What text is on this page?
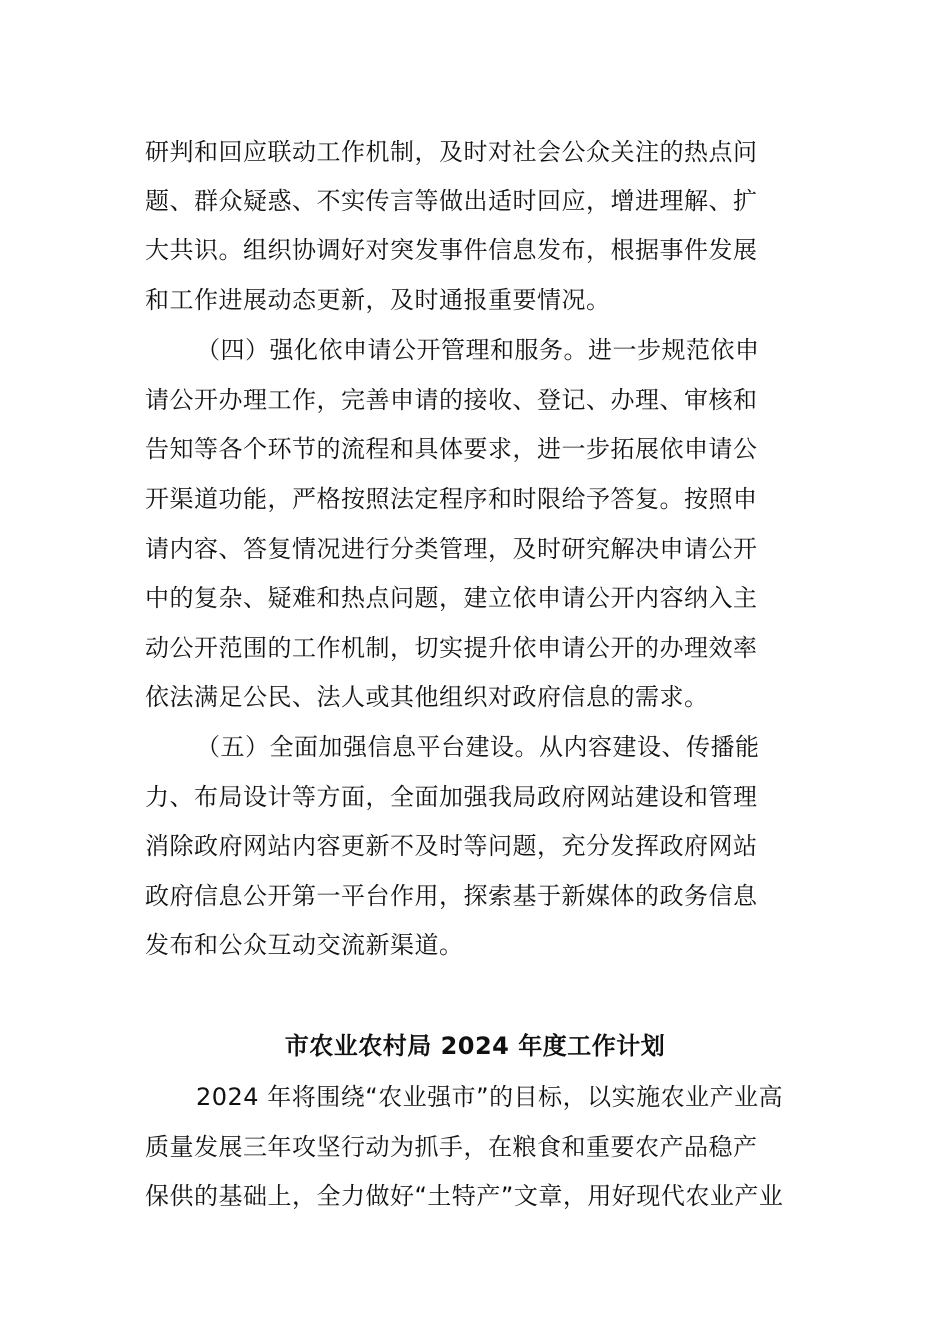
研判和回应联动工作机制，及时对社会公众关注的热点问
题、群众疑惑、不实传言等做出适时回应，增进理解、扩
大共识。组织协调好对突发事件信息发布，根据事件发展
和工作进展动态更新，及时通报重要情况。
（四）强化依申请公开管理和服务。进一步规范依申
请公开办理工作，完善申请的接收、登记、办理、审核和
告知等各个环节的流程和具体要求，进一步拓展依申请公
开渠道功能，严格按照法定程序和时限给予答复。按照申
请内容、答复情况进行分类管理，及时研究解决申请公开
中的复杂、疑难和热点问题，建立依申请公开内容纳入主
动公开范围的工作机制，切实提升依申请公开的办理效率
依法满足公民、法人或其他组织对政府信息的需求。
（五）全面加强信息平台建设。从内容建设、传播能
力、布局设计等方面，全面加强我局政府网站建设和管理
消除政府网站内容更新不及时等问题，充分发挥政府网站
政府信息公开第一平台作用，探索基于新媒体的政务信息
发布和公众互动交流新渠道。
市农业农村局 2024 年度工作计划
2024 年将围绕“农业强市”的目标，以实施农业产业高
质量发展三年攻坚行动为抓手，在粮食和重要农产品稳产
保供的基础上，全力做好“土特产”文章，用好现代农业产业
